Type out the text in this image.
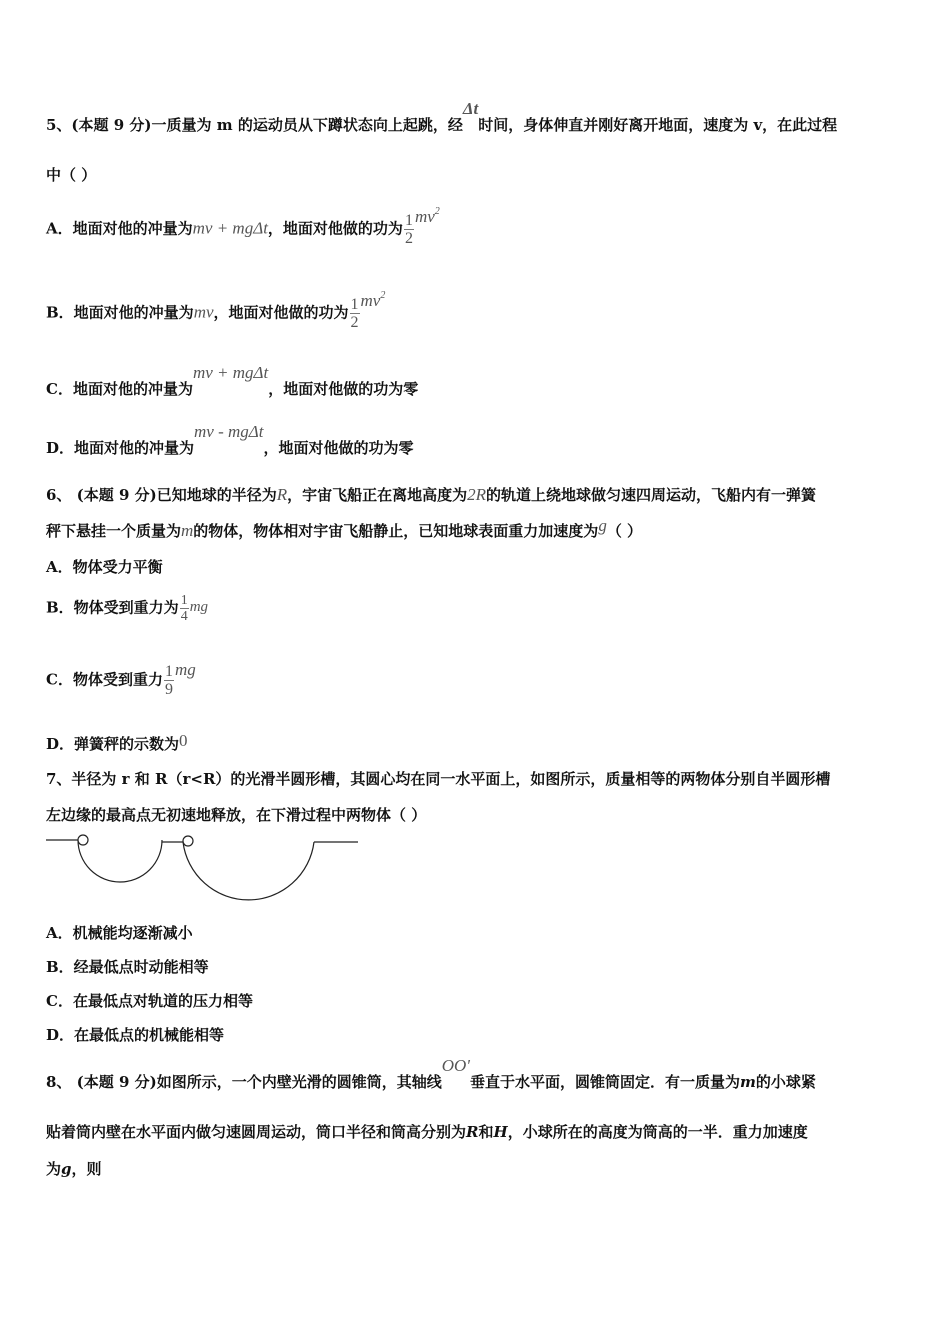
5、(本题 9 分)一质量为 m 的运动员从下蹲状态向上起跳，经Δt时间，身体伸直并刚好离开地面，速度为 v，在此过程
中（ ）
A．地面对他的冲量为mv + mgΔt，地面对他做的功为 $\frac{1}{2} mv^2$
B．地面对他的冲量为mv，地面对他做的功为 $\frac{1}{2} mv^2$
C．地面对他的冲量为mv + mgΔt，地面对他做的功为零
D．地面对他的冲量为mv - mgΔt，地面对他做的功为零
6、 (本题 9 分)已知地球的半径为R，宇宙飞船正在离地高度为2R的轨道上绕地球做匀速四周运动，飞船内有一弹簧
秤下悬挂一个质量为m的物体，物体相对宇宙飞船静止，已知地球表面重力加速度为g（ ）
A．物体受力平衡
B．物体受到重力为 $\frac{1}{4}$ mg
C．物体受到重力 $\frac{1}{9}$ mg
D．弹簧秤的示数为0
7、半径为 r 和 R（r<R）的光滑半圆形槽，其圆心均在同一水平面上，如图所示，质量相等的两物体分别自半圆形槽
左边缘的最高点无初速地释放，在下滑过程中两物体（ ）
A．机械能均逐渐减小
B．经最低点时动能相等
C．在最低点对轨道的压力相等
D．在最低点的机械能相等
8、 (本题 9 分)如图所示，一个内壁光滑的圆锥筒，其轴线OO'垂直于水平面，圆锥筒固定．有一质量为m的小球紧
贴着筒内壁在水平面内做匀速圆周运动，筒口半径和筒高分别为R和H，小球所在的高度为筒高的一半．重力加速度
为g，则
